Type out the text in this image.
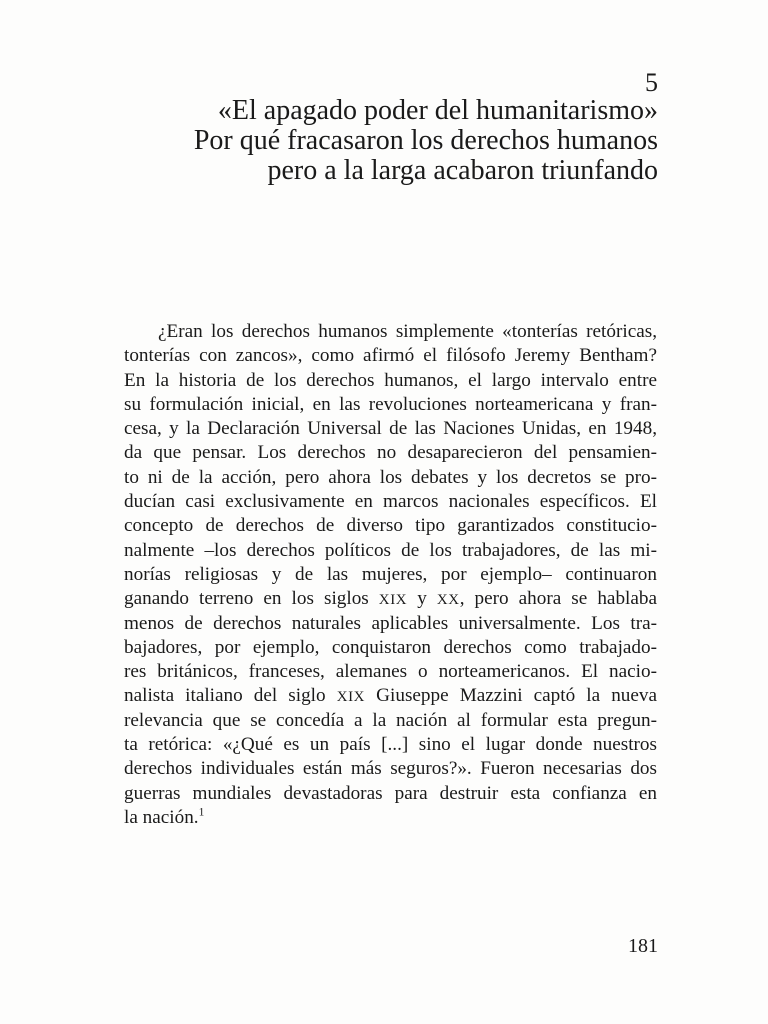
5
«El apagado poder del humanitarismo»
Por qué fracasaron los derechos humanos
pero a la larga acabaron triunfando
¿Eran los derechos humanos simplemente «tonterías retóricas,
tonterías con zancos», como afirmó el filósofo Jeremy Bentham?
En la historia de los derechos humanos, el largo intervalo entre
su formulación inicial, en las revoluciones norteamericana y fran-
cesa, y la Declaración Universal de las Naciones Unidas, en 1948,
da que pensar. Los derechos no desaparecieron del pensamien-
to ni de la acción, pero ahora los debates y los decretos se pro-
ducían casi exclusivamente en marcos nacionales específicos. El
concepto de derechos de diverso tipo garantizados constitucio-
nalmente –los derechos políticos de los trabajadores, de las mi-
norías religiosas y de las mujeres, por ejemplo– continuaron
ganando terreno en los siglos XIX y XX, pero ahora se hablaba
menos de derechos naturales aplicables universalmente. Los tra-
bajadores, por ejemplo, conquistaron derechos como trabajado-
res británicos, franceses, alemanes o norteamericanos. El nacio-
nalista italiano del siglo XIX Giuseppe Mazzini captó la nueva
relevancia que se concedía a la nación al formular esta pregun-
ta retórica: «¿Qué es un país [...] sino el lugar donde nuestros
derechos individuales están más seguros?». Fueron necesarias dos
guerras mundiales devastadoras para destruir esta confianza en
la nación.$^1$
181
